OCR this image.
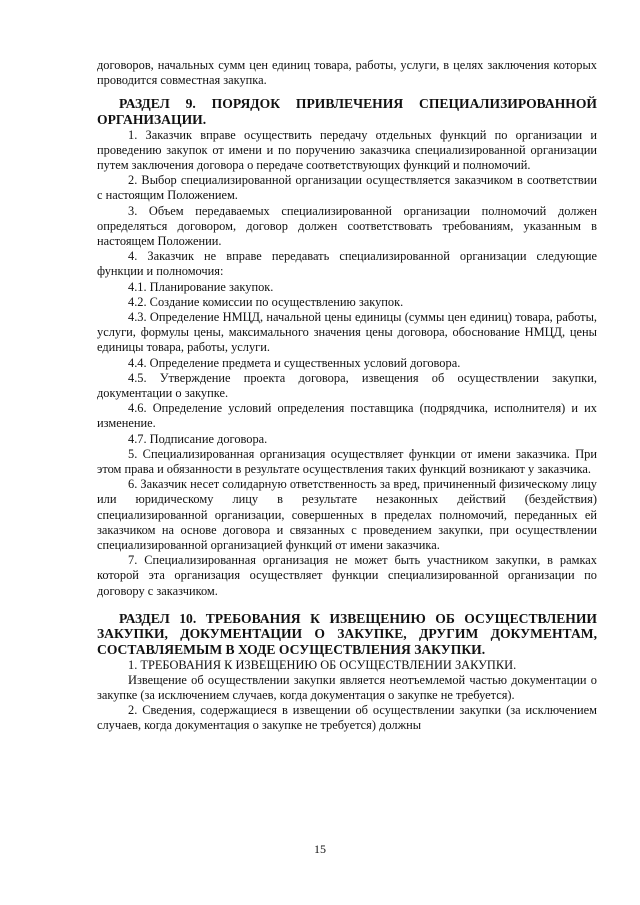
договоров, начальных сумм цен единиц товара, работы, услуги, в целях заключения которых проводится совместная закупка.

РАЗДЕЛ 9. ПОРЯДОК ПРИВЛЕЧЕНИЯ СПЕЦИАЛИЗИРОВАННОЙ ОРГАНИЗАЦИИ.

1. Заказчик вправе осуществить передачу отдельных функций по организации и проведению закупок от имени и по поручению заказчика специализированной организации путем заключения договора о передаче соответствующих функций и полномочий.

2. Выбор специализированной организации осуществляется заказчиком в соответствии с настоящим Положением.

3. Объем передаваемых специализированной организации полномочий должен определяться договором, договор должен соответствовать требованиям, указанным в настоящем Положении.

4. Заказчик не вправе передавать специализированной организации следующие функции и полномочия:

4.1. Планирование закупок.

4.2. Создание комиссии по осуществлению закупок.

4.3. Определение НМЦД, начальной цены единицы (суммы цен единиц) товара, работы, услуги, формулы цены, максимального значения цены договора, обоснование НМЦД, цены единицы товара, работы, услуги.

4.4. Определение предмета и существенных условий договора.

4.5. Утверждение проекта договора, извещения об осуществлении закупки, документации о закупке.

4.6. Определение условий определения поставщика (подрядчика, исполнителя) и их изменение.

4.7. Подписание договора.

5. Специализированная организация осуществляет функции от имени заказчика. При этом права и обязанности в результате осуществления таких функций возникают у заказчика.

6. Заказчик несет солидарную ответственность за вред, причиненный физическому лицу или юридическому лицу в результате незаконных действий (бездействия) специализированной организации, совершенных в пределах полномочий, переданных ей заказчиком на основе договора и связанных с проведением закупки, при осуществлении специализированной организацией функций от имени заказчика.

7. Специализированная организация не может быть участником закупки, в рамках которой эта организация осуществляет функции специализированной организации по договору с заказчиком.

РАЗДЕЛ 10. ТРЕБОВАНИЯ К ИЗВЕЩЕНИЮ ОБ ОСУЩЕСТВЛЕНИИ ЗАКУПКИ, ДОКУМЕНТАЦИИ О ЗАКУПКЕ, ДРУГИМ ДОКУМЕНТАМ, СОСТАВЛЯЕМЫМ В ХОДЕ ОСУЩЕСТВЛЕНИЯ ЗАКУПКИ.

1. ТРЕБОВАНИЯ К ИЗВЕЩЕНИЮ ОБ ОСУЩЕСТВЛЕНИИ ЗАКУПКИ.

Извещение об осуществлении закупки является неотъемлемой частью документации о закупке (за исключением случаев, когда документация о закупке не требуется).

2. Сведения, содержащиеся в извещении об осуществлении закупки (за исключением случаев, когда документация о закупке не требуется) должны

15
